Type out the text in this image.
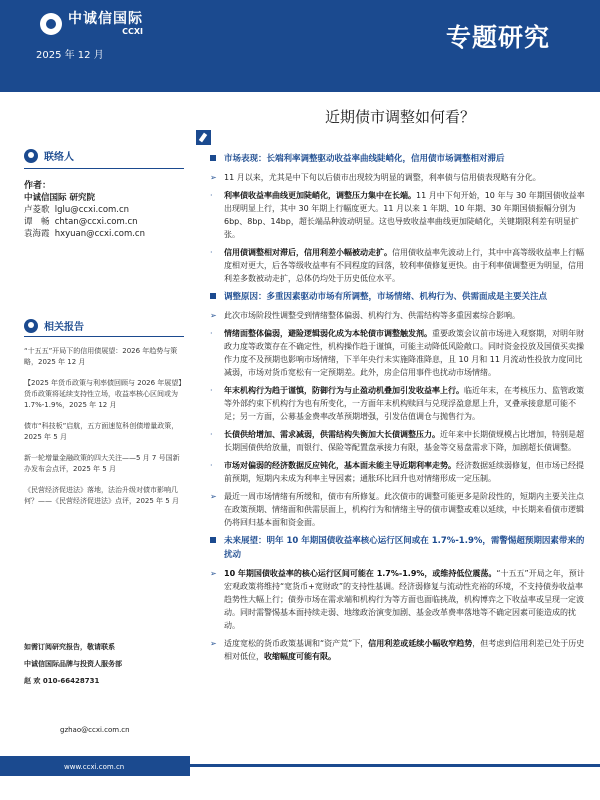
中诚信国际
CCXI
2025 年 12 月
专题研究
近期债市调整如何看？
联络人
作者：
中诚信国际 研究院
卢菱歌 lglu@ccxi.com.cn
谭　畅 chtan@ccxi.com.cn
袁海霞 hxyuan@ccxi.com.cn
相关报告
“十五五”开局下的信用债展望：2026 年趋势与策略，2025 年 12 月
【2025 年货币政策与利率债回顾与 2026 年展望】货币政策将延续支持性立场，收益率核心区间或为 1.7%-1.9%，2025 年 12 月
债市“科技板”启航，五方面速览科创债增量政策，2025 年 5 月
新一轮增量金融政策的四大关注——5 月 7 号国新办发布会点评，2025 年 5 月
《民营经济促进法》落地，法治升级对债市影响几何？——《民营经济促进法》点评，2025 年 5 月
如需订阅研究报告，敬请联系
中诚信国际品牌与投资人服务部
赵 欢 010-66428731
gzhao@ccxi.com.cn
www.ccxi.com.cn
市场表现：长端利率调整驱动收益率曲线陡峭化，信用债市场调整相对滞后
➢ 11 月以来，尤其是中下旬以后债市出现较为明显的调整，利率债与信用债表现略有分化。
· 利率债收益率曲线更加陡峭化，调整压力集中在长端。11 月中下旬开始，10 年与 30 年期国债收益率出现明显上行，其中 30 年期上行幅度更大。11 月以来 1 年期、10 年期、30 年期国债振幅分别为 6bp、8bp、14bp，超长端品种波动明显。这也导致收益率曲线更加陡峭化，关键期限利差有明显扩张。
· 信用债调整相对滞后，信用利差小幅被动走扩。信用债收益率先波动上行，其中中高等级收益率上行幅度相对更大，后各等级收益率有不同程度的回落，较利率债修复更快。由于利率债调整更为明显，信用利差多数被动走扩，总体仍均处于历史低位水平。
调整原因：多重因素驱动市场有所调整，市场情绪、机构行为、供需面成是主要关注点
➢ 此次市场阶段性调整受到情绪整体偏弱、机构行为、供需结构等多重因素综合影响。
· 情绪面整体偏弱，避险逻辑弱化成为本轮债市调整触发剂。重要政策会议前市场进入观察期，对明年财政力度等政策存在不确定性，机构操作趋于谨慎，可能主动降低风险敞口。同时资金投放及国债买卖操作力度不及预期也影响市场情绪，下半年央行未实施降准降息，且 10 月和 11 月流动性投放力度同比减弱，市场对货币宽松有一定预期差。此外，房企信用事件也扰动市场情绪。
· 年末机构行为趋于谨慎，防御行为与止盈动机叠加引发收益率上行。临近年末，在考核压力、监管政策等外部约束下机构行为也有所变化，一方面年末机构赎回与兑现浮盈意愿上升，叉叠承接意愿可能不足；另一方面，公募基金费率改革预期增强，引发估值调仓与抛售行为。
· 长债供给增加、需求减弱，供需结构失衡加大长债调整压力。近年来中长期债规模占比增加，特别是超长期国债供给放量，而银行、保险等配置盘承接力有限，基金等交易盘需求下降，加剧超长债调整。
· 市场对偏弱的经济数据反应钝化，基本面未能主导近期利率走势。经济数据延续弱修复，但市场已经提前预期，短期内未成为利率主导因素；通胀环比回升也对情绪形成一定压制。
➢ 最近一周市场情绪有所缓和，债市有所修复。此次债市的调整可能更多是阶段性的，短期内主要关注点在政策预期、情绪面和供需层面上，机构行为和情绪主导的债市调整或难以延续，中长期来看债市逻辑仍将回归基本面和资金面。
未来展望：明年 10 年期国债收益率核心运行区间或在 1.7%-1.9%，需警惕超预期因素带来的扰动
➢ 10 年期国债收益率的核心运行区间可能在 1.7%-1.9%，或维持低位震荡。“十五五”开局之年，预计宏观政策将维持“宽货币+宽财政”的支持性基调。经济弱修复与流动性充裕的环境，不支持债券收益率趋势性大幅上行；债券市场在需求端和机构行为等方面也面临挑战，机构博弈之下收益率或呈现一定波动。同时需警惕基本面持续走弱、地缘政治演变加剧、基金改革费率落地等不确定因素可能造成的扰动。
➢ 适度宽松的货币政策基调和“资产荒”下，信用利差或延续小幅收窄趋势，但考虑到信用利差已处于历史相对低位，收缩幅度可能有限。
